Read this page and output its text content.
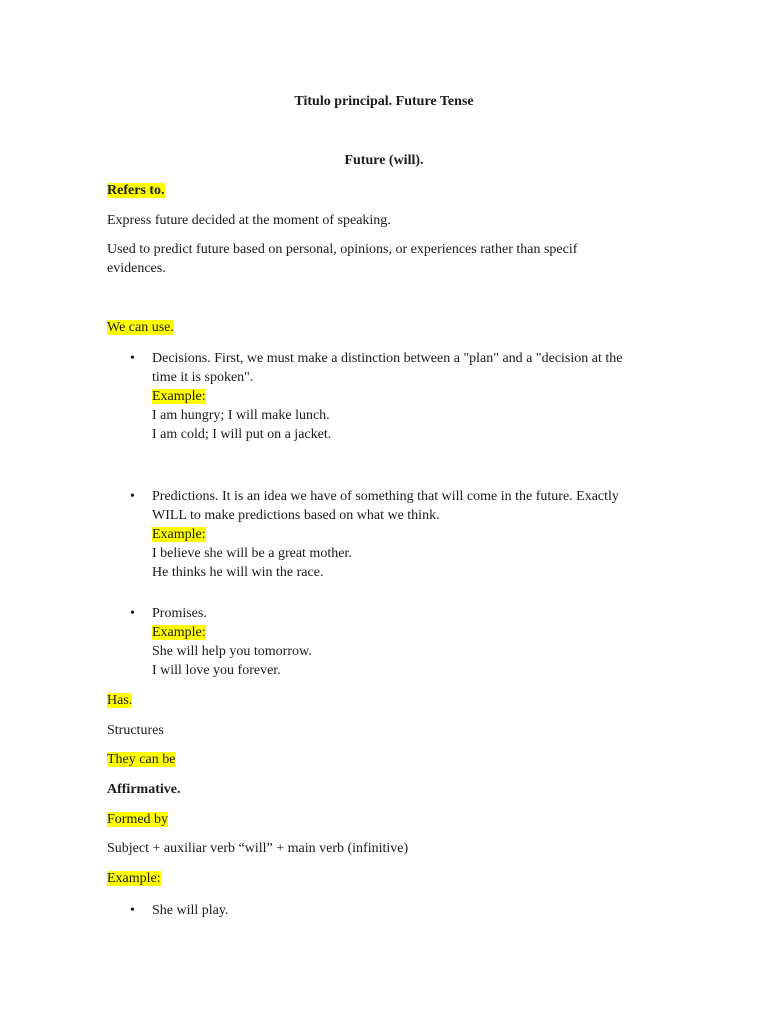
Titulo principal. Future Tense
Future (will).
Refers to.
Express future decided at the moment of speaking.
Used to predict future based on personal, opinions, or experiences rather than specif
evidences.
We can use.
• Decisions. First, we must make a distinction between a "plan" and a "decision at the
time it is spoken".
Example:
I am hungry; I will make lunch.
I am cold; I will put on a jacket.
• Predictions. It is an idea we have of something that will come in the future. Exactly
WILL to make predictions based on what we think.
Example:
I believe she will be a great mother.
He thinks he will win the race.
• Promises.
Example:
She will help you tomorrow.
I will love you forever.
Has.
Structures
They can be
Affirmative.
Formed by
Subject + auxiliar verb “will” + main verb (infinitive)
Example:
• She will play.
